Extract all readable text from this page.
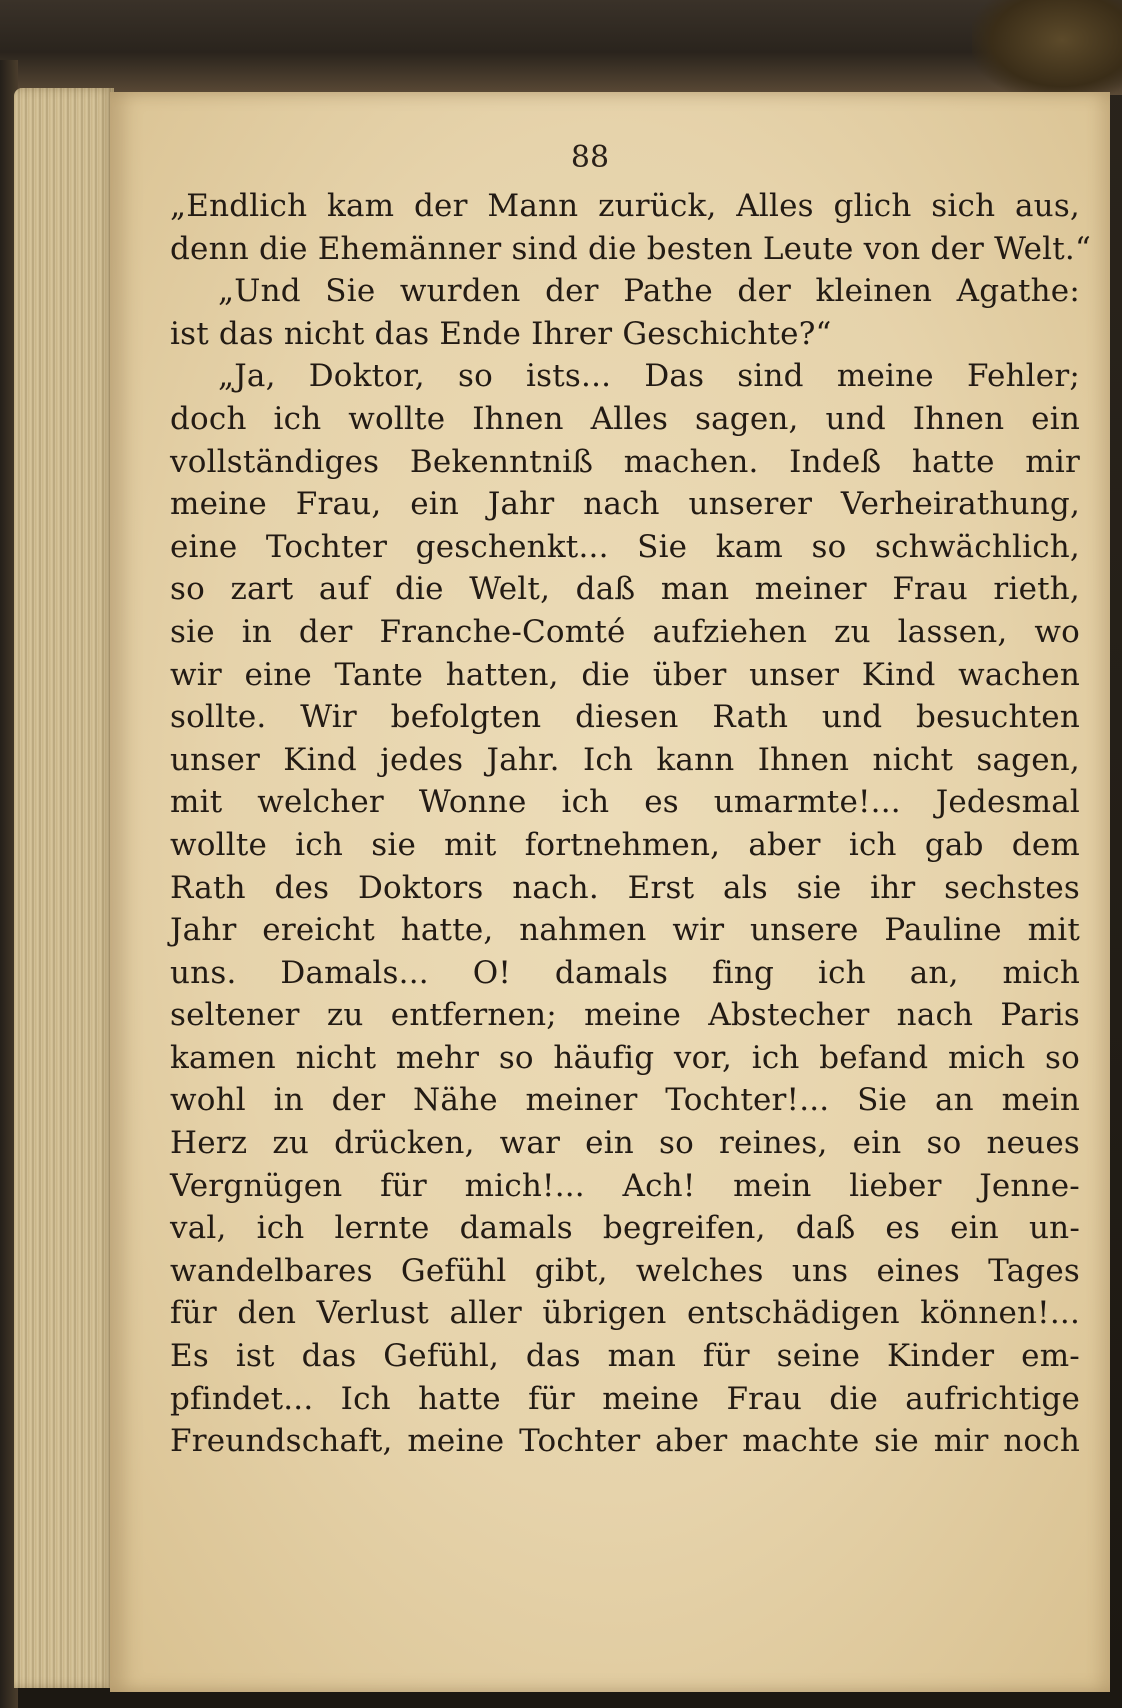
88
„Endlich kam der Mann zurück, Alles glich sich aus,
denn die Ehemänner sind die besten Leute von der Welt.“
„Und Sie wurden der Pathe der kleinen Agathe:
ist das nicht das Ende Ihrer Geschichte?“
„Ja, Doktor, so ists... Das sind meine Fehler;
doch ich wollte Ihnen Alles sagen, und Ihnen ein
vollständiges Bekenntniß machen. Indeß hatte mir
meine Frau, ein Jahr nach unserer Verheirathung,
eine Tochter geschenkt... Sie kam so schwächlich,
so zart auf die Welt, daß man meiner Frau rieth,
sie in der Franche-Comté aufziehen zu lassen, wo
wir eine Tante hatten, die über unser Kind wachen
sollte. Wir befolgten diesen Rath und besuchten
unser Kind jedes Jahr. Ich kann Ihnen nicht sagen,
mit welcher Wonne ich es umarmte!... Jedesmal
wollte ich sie mit fortnehmen, aber ich gab dem
Rath des Doktors nach. Erst als sie ihr sechstes
Jahr ereicht hatte, nahmen wir unsere Pauline mit
uns. Damals... O! damals fing ich an, mich
seltener zu entfernen; meine Abstecher nach Paris
kamen nicht mehr so häufig vor, ich befand mich so
wohl in der Nähe meiner Tochter!... Sie an mein
Herz zu drücken, war ein so reines, ein so neues
Vergnügen für mich!... Ach! mein lieber Jenne-
val, ich lernte damals begreifen, daß es ein un-
wandelbares Gefühl gibt, welches uns eines Tages
für den Verlust aller übrigen entschädigen können!...
Es ist das Gefühl, das man für seine Kinder em-
pfindet... Ich hatte für meine Frau die aufrichtige
Freundschaft, meine Tochter aber machte sie mir noch
